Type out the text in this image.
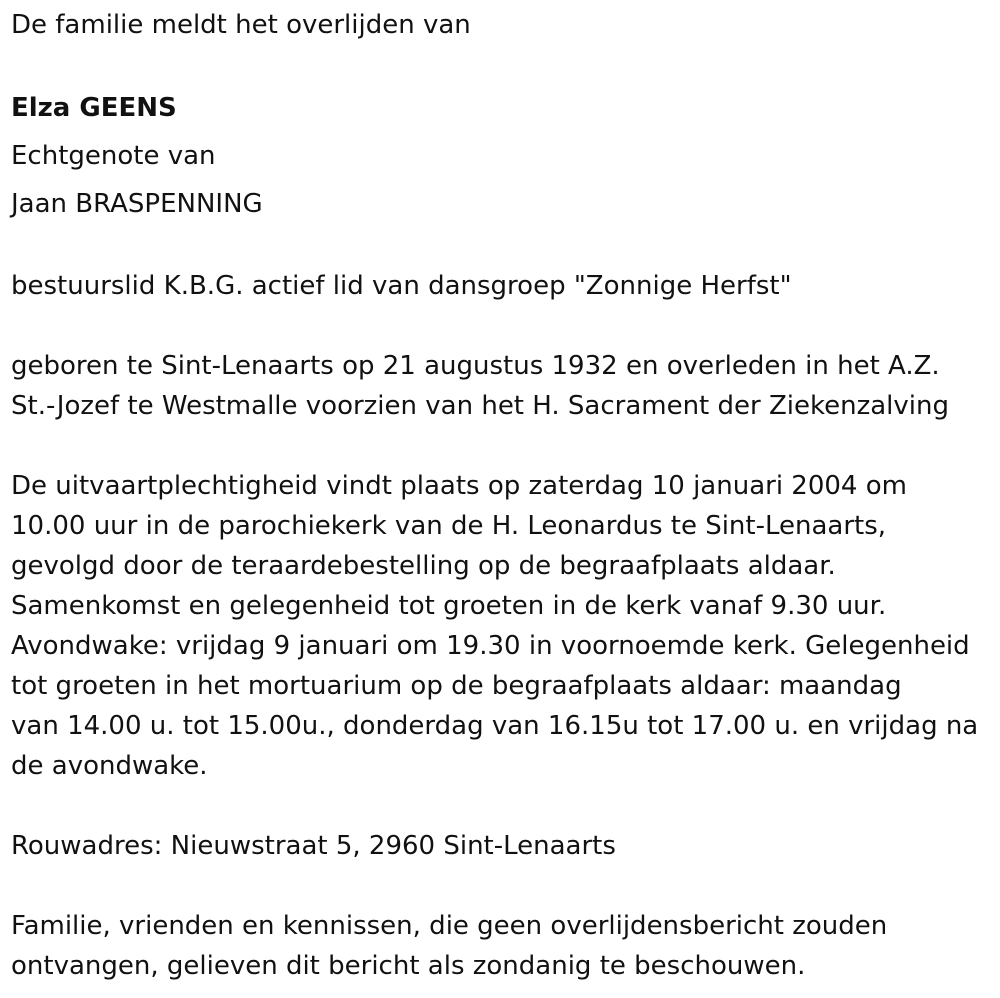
De familie meldt het overlijden van
Elza GEENS
Echtgenote van
Jaan BRASPENNING
bestuurslid K.B.G. actief lid van dansgroep "Zonnige Herfst"
geboren te Sint-Lenaarts op 21 augustus 1932 en overleden in het A.Z.
St.-Jozef te Westmalle voorzien van het H. Sacrament der Ziekenzalving
De uitvaartplechtigheid vindt plaats op zaterdag 10 januari 2004 om
10.00 uur in de parochiekerk van de H. Leonardus te Sint-Lenaarts,
gevolgd door de teraardebestelling op de begraafplaats aldaar.
Samenkomst en gelegenheid tot groeten in de kerk vanaf 9.30 uur.
Avondwake: vrijdag 9 januari om 19.30 in voornoemde kerk. Gelegenheid
tot groeten in het mortuarium op de begraafplaats aldaar: maandag
van 14.00 u. tot 15.00u., donderdag van 16.15u tot 17.00 u. en vrijdag na
de avondwake.
Rouwadres: Nieuwstraat 5, 2960 Sint-Lenaarts
Familie, vrienden en kennissen, die geen overlijdensbericht zouden
ontvangen, gelieven dit bericht als zondanig te beschouwen.
